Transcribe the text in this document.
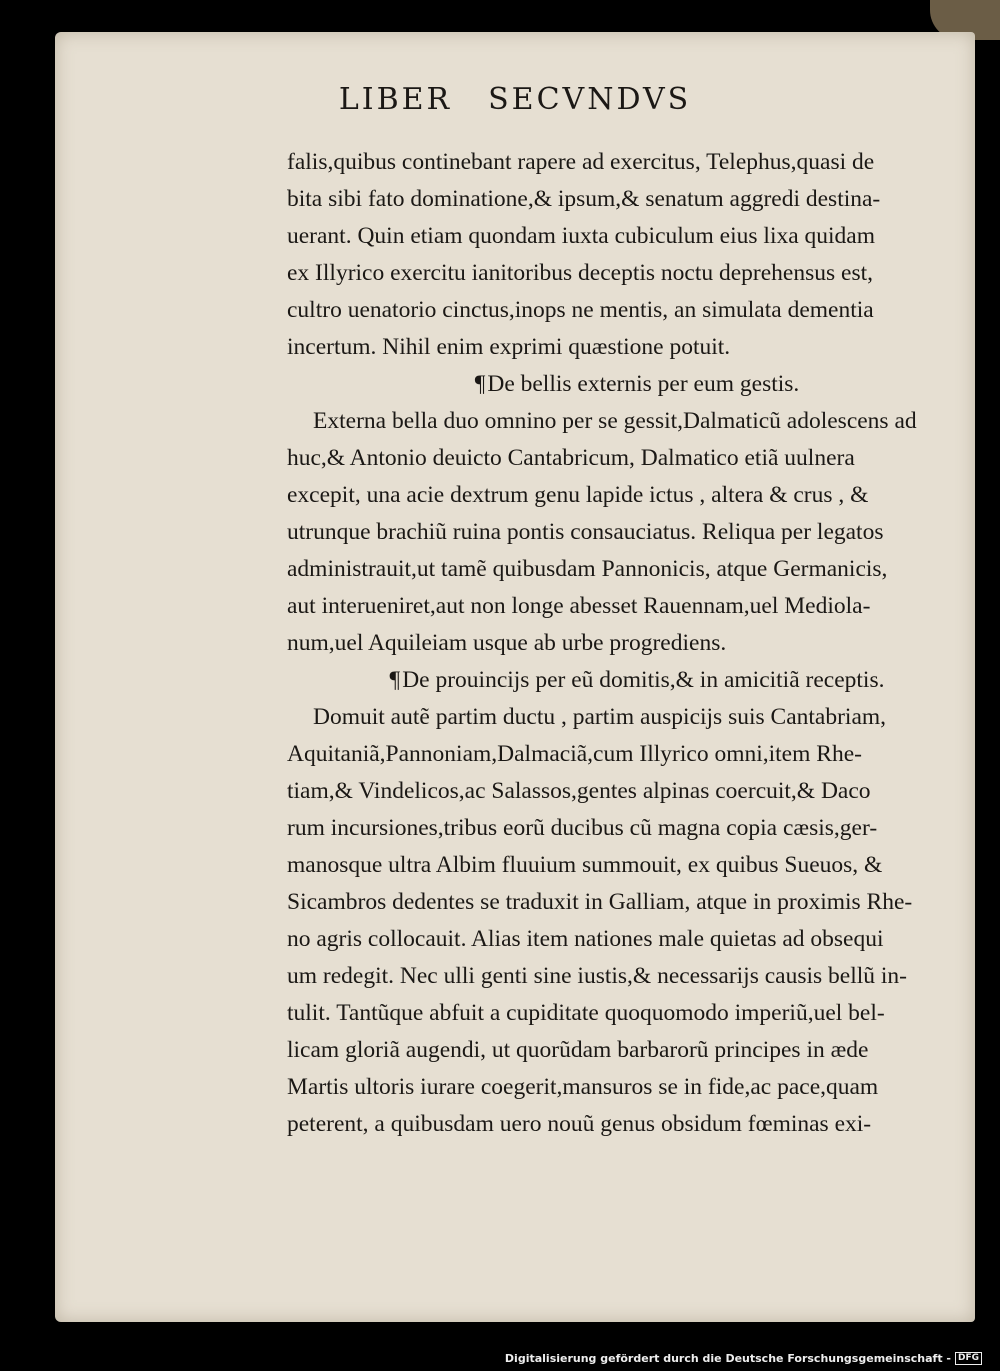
LIBER SECVNDVS
falis,quibus continebant rapere ad exercitus, Telephus,quasi de
bita sibi fato dominatione,& ipsum,& senatum aggredi destina-
uerant. Quin etiam quondam iuxta cubiculum eius lixa quidam
ex Illyrico exercitu ianitoribus deceptis noctu deprehensus est,
cultro uenatorio cinctus,inops ne mentis, an simulata dementia
incertum. Nihil enim exprimi quæstione potuit.
¶De bellis externis per eum gestis.
Externa bella duo omnino per se gessit,Dalmaticũ adolescens ad
huc,& Antonio deuicto Cantabricum, Dalmatico etiã uulnera
excepit, una acie dextrum genu lapide ictus , altera & crus , &
utrunque brachiũ ruina pontis consauciatus. Reliqua per legatos
administrauit,ut tamẽ quibusdam Pannonicis, atque Germanicis,
aut interueniret,aut non longe abesset Rauennam,uel Mediola-
num,uel Aquileiam usque ab urbe progrediens.
¶De prouincijs per eũ domitis,& in amicitiã receptis.
Domuit autẽ partim ductu , partim auspicijs suis Cantabriam,
Aquitaniã,Pannoniam,Dalmaciã,cum Illyrico omni,item Rhe-
tiam,& Vindelicos,ac Salassos,gentes alpinas coercuit,& Daco
rum incursiones,tribus eorũ ducibus cũ magna copia cæsis,ger-
manosque ultra Albim fluuium summouit, ex quibus Sueuos, &
Sicambros dedentes se traduxit in Galliam, atque in proximis Rhe-
no agris collocauit. Alias item nationes male quietas ad obsequi
um redegit. Nec ulli genti sine iustis,& necessarijs causis bellũ in-
tulit. Tantũque abfuit a cupiditate quoquomodo imperiũ,uel bel-
licam gloriã augendi, ut quorũdam barbarorũ principes in æde
Martis ultoris iurare coegerit,mansuros se in fide,ac pace,quam
peterent, a quibusdam uero nouũ genus obsidum fœminas exi-
Digitalisierung gefördert durch die Deutsche Forschungsgemeinschaft - DFG
